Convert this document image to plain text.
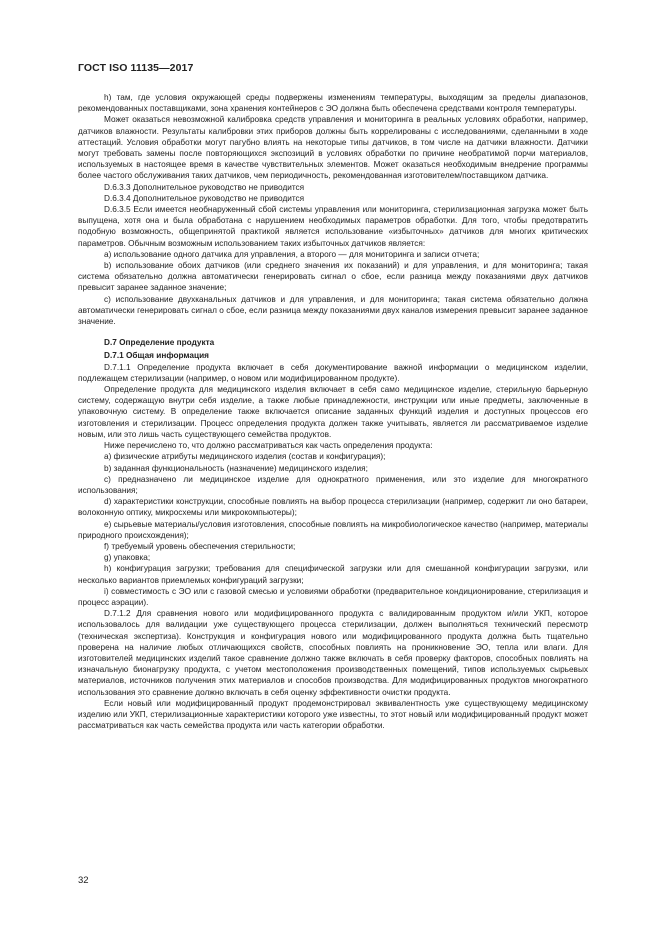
ГОСТ ISO 11135—2017

h) там, где условия окружающей среды подвержены изменениям температуры, выходящим за пределы диапазонов, рекомендованных поставщиками, зона хранения контейнеров с ЭО должна быть обеспечена средствами контроля температуры.

Может оказаться невозможной калибровка средств управления и мониторинга в реальных условиях обработки, например, датчиков влажности. Результаты калибровки этих приборов должны быть коррелированы с исследованиями, сделанными в ходе аттестаций. Условия обработки могут пагубно влиять на некоторые типы датчиков, в том числе на датчики влажности. Датчики могут требовать замены после повторяющихся экспозиций в условиях обработки по причине необратимой порчи материалов, используемых в настоящее время в качестве чувствительных элементов. Может оказаться необходимым внедрение программы более частого обслуживания таких датчиков, чем периодичность, рекомендованная изготовителем/поставщиком датчика.

D.6.3.3 Дополнительное руководство не приводится

D.6.3.4 Дополнительное руководство не приводится

D.6.3.5 Если имеется необнаруженный сбой системы управления или мониторинга, стерилизационная загрузка может быть выпущена, хотя она и была обработана с нарушением необходимых параметров обработки. Для того, чтобы предотвратить подобную возможность, общепринятой практикой является использование «избыточных» датчиков для многих критических параметров. Обычным возможным использованием таких избыточных датчиков является:

a) использование одного датчика для управления, а второго — для мониторинга и записи отчета;

b) использование обоих датчиков (или среднего значения их показаний) и для управления, и для мониторинга; такая система обязательно должна автоматически генерировать сигнал о сбое, если разница между показаниями двух датчиков превысит заранее заданное значение;

c) использование двухканальных датчиков и для управления, и для мониторинга; такая система обязательно должна автоматически генерировать сигнал о сбое, если разница между показаниями двух каналов измерения превысит заранее заданное значение.

D.7 Определение продукта

D.7.1 Общая информация

D.7.1.1 Определение продукта включает в себя документирование важной информации о медицинском изделии, подлежащем стерилизации (например, о новом или модифицированном продукте).

Определение продукта для медицинского изделия включает в себя само медицинское изделие, стерильную барьерную систему, содержащую внутри себя изделие, а также любые принадлежности, инструкции или иные предметы, заключенные в упаковочную систему. В определение также включается описание заданных функций изделия и доступных процессов его изготовления и стерилизации. Процесс определения продукта должен также учитывать, является ли рассматриваемое изделие новым, или это лишь часть существующего семейства продуктов.

Ниже перечислено то, что должно рассматриваться как часть определения продукта:

a) физические атрибуты медицинского изделия (состав и конфигурация);

b) заданная функциональность (назначение) медицинского изделия;

c) предназначено ли медицинское изделие для однократного применения, или это изделие для многократного использования;

d) характеристики конструкции, способные повлиять на выбор процесса стерилизации (например, содержит ли оно батареи, волоконную оптику, микросхемы или микрокомпьютеры);

e) сырьевые материалы/условия изготовления, способные повлиять на микробиологическое качество (например, материалы природного происхождения);

f) требуемый уровень обеспечения стерильности;

g) упаковка;

h) конфигурация загрузки; требования для специфической загрузки или для смешанной конфигурации загрузки, или несколько вариантов приемлемых конфигураций загрузки;

i) совместимость с ЭО или с газовой смесью и условиями обработки (предварительное кондиционирование, стерилизация и процесс аэрации).

D.7.1.2 Для сравнения нового или модифицированного продукта с валидированным продуктом и/или УКП, которое использовалось для валидации уже существующего процесса стерилизации, должен выполняться технический пересмотр (техническая экспертиза). Конструкция и конфигурация нового или модифицированного продукта должна быть тщательно проверена на наличие любых отличающихся свойств, способных повлиять на проникновение ЭО, тепла или влаги. Для изготовителей медицинских изделий такое сравнение должно также включать в себя проверку факторов, способных повлиять на изначальную бионагрузку продукта, с учетом местоположения производственных помещений, типов используемых сырьевых материалов, источников получения этих материалов и способов производства. Для модифицированных продуктов многократного использования это сравнение должно включать в себя оценку эффективности очистки продукта.

Если новый или модифицированный продукт продемонстрировал эквивалентность уже существующему медицинскому изделию или УКП, стерилизационные характеристики которого уже известны, то этот новый или модифицированный продукт может рассматриваться как часть семейства продукта или часть категории обработки.

32
